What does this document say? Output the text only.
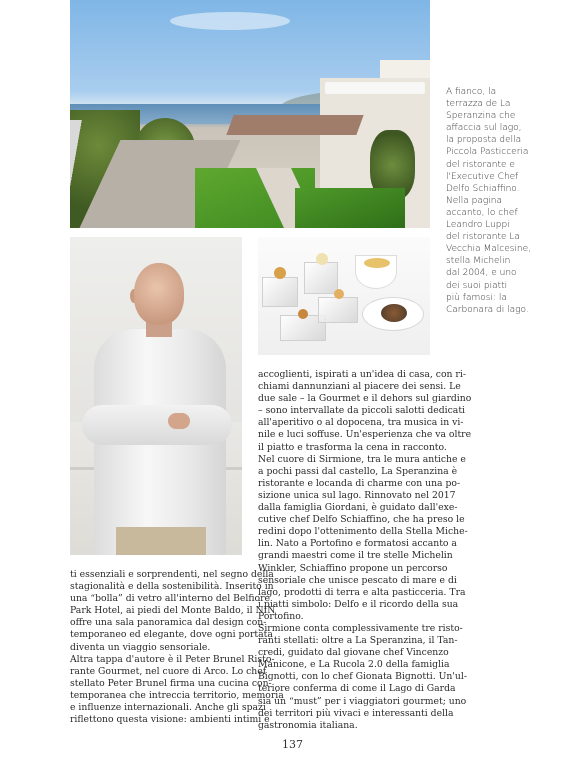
A fianco, la
terrazza de La
Speranzina che
affaccia sul lago,
la proposta della
Piccola Pasticceria
del ristorante e
l'Executive Chef
Delfo Schiaffino.
Nella pagina
accanto, lo chef
Leandro Luppi
del ristorante La
Vecchia Malcesine,
stella Michelin
dal 2004, e uno
dei suoi piatti
più famosi: la
Carbonara di lago.
ti essenziali e sorprendenti, nel segno della
stagionalità e della sostenibilità. Inserito in
una “bolla” di vetro all'interno del Belfiore
Park Hotel, ai piedi del Monte Baldo, il NIN
offre una sala panoramica dal design con-
temporaneo ed elegante, dove ogni portata
diventa un viaggio sensoriale.
Altra tappa d'autore è il Peter Brunel Risto-
rante Gourmet, nel cuore di Arco. Lo chef
stellato Peter Brunel firma una cucina con-
temporanea che intreccia territorio, memoria
e influenze internazionali. Anche gli spazi
riflettono questa visione: ambienti intimi e
accoglienti, ispirati a un'idea di casa, con ri-
chiami dannunziani al piacere dei sensi. Le
due sale – la Gourmet e il dehors sul giardino
– sono intervallate da piccoli salotti dedicati
all'aperitivo o al dopocena, tra musica in vi-
nile e luci soffuse. Un'esperienza che va oltre
il piatto e trasforma la cena in racconto.
Nel cuore di Sirmione, tra le mura antiche e
a pochi passi dal castello, La Speranzina è
ristorante e locanda di charme con una po-
sizione unica sul lago. Rinnovato nel 2017
dalla famiglia Giordani, è guidato dall'exe-
cutive chef Delfo Schiaffino, che ha preso le
redini dopo l'ottenimento della Stella Miche-
lin. Nato a Portofino e formatosi accanto a
grandi maestri come il tre stelle Michelin
Winkler, Schiaffino propone un percorso
sensoriale che unisce pescato di mare e di
lago, prodotti di terra e alta pasticceria. Tra
i piatti simbolo: Delfo e il ricordo della sua
Portofino.
Sirmione conta complessivamente tre risto-
ranti stellati: oltre a La Speranzina, il Tan-
credi, guidato dal giovane chef Vincenzo
Manicone, e La Rucola 2.0 della famiglia
Bignotti, con lo chef Gionata Bignotti. Un'ul-
teriore conferma di come il Lago di Garda
sia un “must” per i viaggiatori gourmet; uno
dei territori più vivaci e interessanti della
gastronomia italiana.
137
